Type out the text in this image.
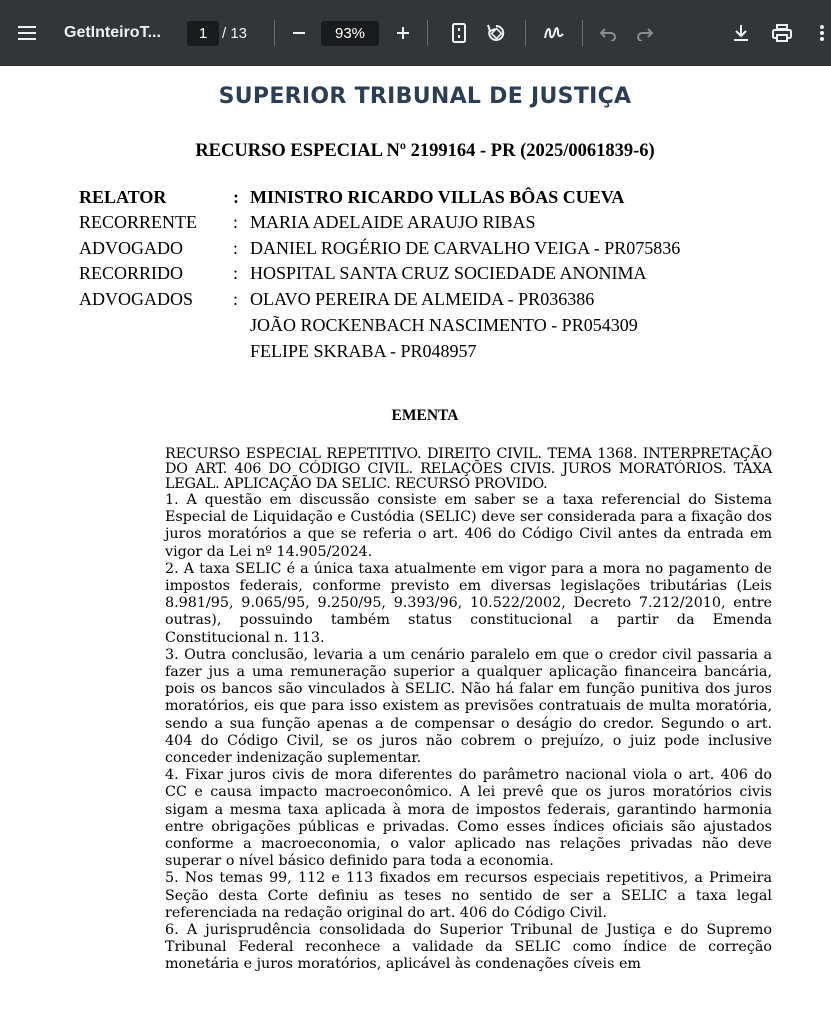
GetInteiroT...	1 / 13	93%
SUPERIOR TRIBUNAL DE JUSTIÇA
RECURSO ESPECIAL Nº 2199164 - PR (2025/0061839-6)
RELATOR	: MINISTRO RICARDO VILLAS BÔAS CUEVA
RECORRENTE : MARIA ADELAIDE ARAUJO RIBAS
ADVOGADO	: DANIEL ROGÉRIO DE CARVALHO VEIGA - PR075836
RECORRIDO	: HOSPITAL SANTA CRUZ SOCIEDADE ANONIMA
ADVOGADOS : OLAVO PEREIRA DE ALMEIDA - PR036386
JOÃO ROCKENBACH NASCIMENTO - PR054309
FELIPE SKRABA - PR048957
EMENTA

RECURSO ESPECIAL REPETITIVO. DIREITO CIVIL. TEMA 1368. INTERPRETAÇÃO DO ART. 406 DO CÓDIGO CIVIL. RELAÇÕES CIVIS. JUROS MORATÓRIOS. TAXA LEGAL. APLICAÇÃO DA SELIC. RECURSO PROVIDO.

1. A questão em discussão consiste em saber se a taxa referencial do Sistema Especial de Liquidação e Custódia (SELIC) deve ser considerada para a fixação dos juros moratórios a que se referia o art. 406 do Código Civil antes da entrada em vigor da Lei nº 14.905/2024.

2. A taxa SELIC é a única taxa atualmente em vigor para a mora no pagamento de impostos federais, conforme previsto em diversas legislações tributárias (Leis 8.981/95, 9.065/95, 9.250/95, 9.393/96, 10.522/2002, Decreto 7.212/2010, entre outras), possuindo também status constitucional a partir da Emenda Constitucional n. 113.

3. Outra conclusão, levaria a um cenário paralelo em que o credor civil passaria a fazer jus a uma remuneração superior a qualquer aplicação financeira bancária, pois os bancos são vinculados à SELIC. Não há falar em função punitiva dos juros moratórios, eis que para isso existem as previsões contratuais de multa moratória, sendo a sua função apenas a de compensar o deságio do credor. Segundo o art. 404 do Código Civil, se os juros não cobrem o prejuízo, o juiz pode inclusive conceder indenização suplementar.

4. Fixar juros civis de mora diferentes do parâmetro nacional viola o art. 406 do CC e causa impacto macroeconômico. A lei prevê que os juros moratórios civis sigam a mesma taxa aplicada à mora de impostos federais, garantindo harmonia entre obrigações públicas e privadas. Como esses índices oficiais são ajustados conforme a macroeconomia, o valor aplicado nas relações privadas não deve superar o nível básico definido para toda a economia.

5. Nos temas 99, 112 e 113 fixados em recursos especiais repetitivos, a Primeira Seção desta Corte definiu as teses no sentido de ser a SELIC a taxa legal referenciada na redação original do art. 406 do Código Civil.

6. A jurisprudência consolidada do Superior Tribunal de Justiça e do Supremo Tribunal Federal reconhece a validade da SELIC como índice de correção monetária e juros moratórios, aplicável às condenações cíveis em
